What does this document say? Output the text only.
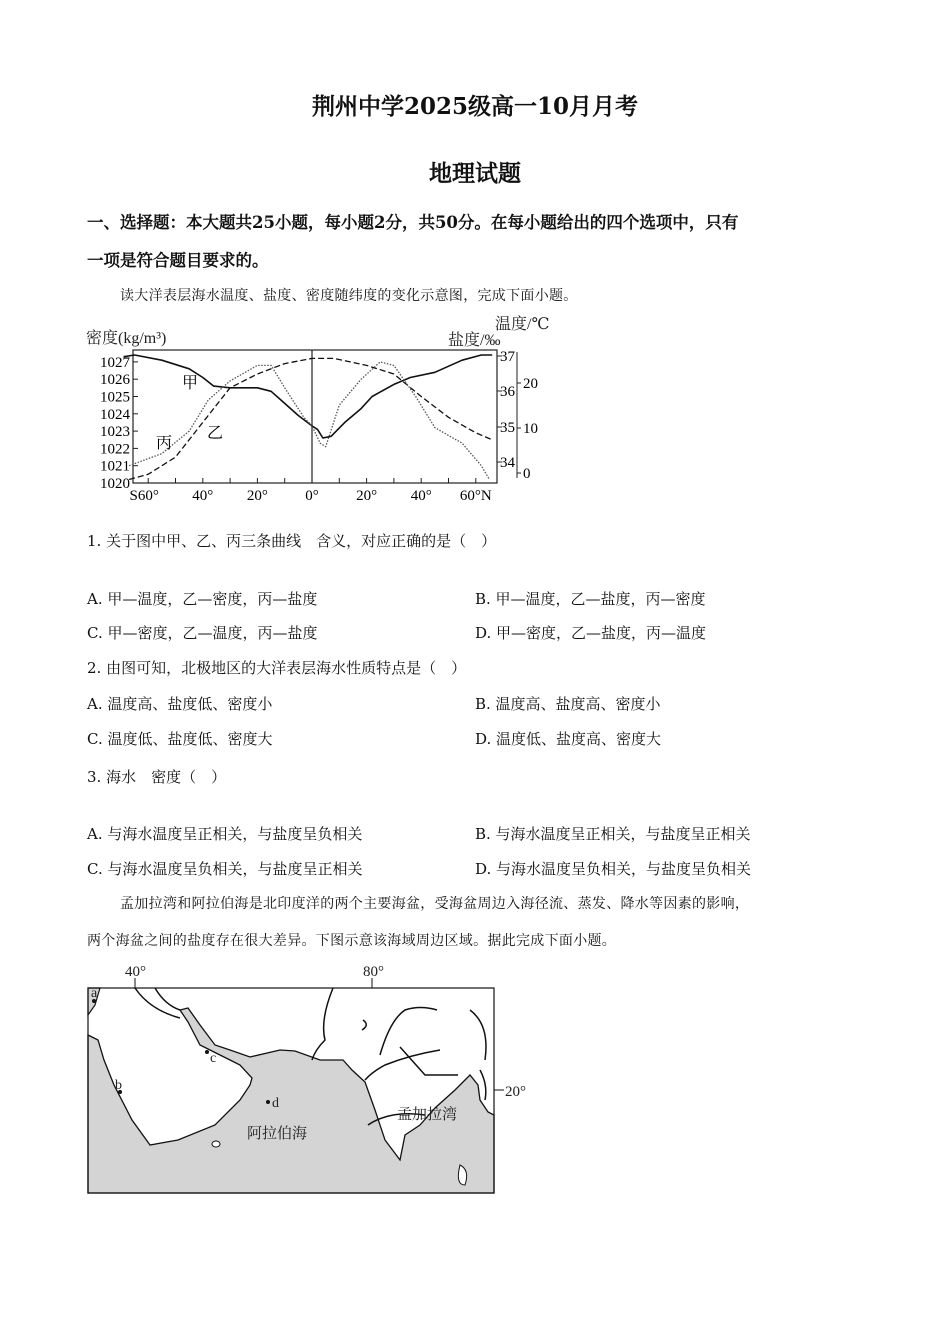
荆州中学2025级高一10月月考
地理试题
一、选择题：本大题共25小题，每小题2分，共50分。在每小题给出的四个选项中，只有
一项是符合题目要求的。
读大洋表层海水温度、盐度、密度随纬度的变化示意图，完成下面小题。
密度(kg/m³)
温度/℃
盐度/‰
1020
1021
1022
1023
1024
1025
1026
1027
S60° 40° 20° 0° 20° 40° 60°N
34
35
36
37
0
10
20
甲
乙
丙
1. 关于图中甲、乙、丙三条曲线　含义，对应正确的是（　）
A. 甲—温度，乙—密度，丙—盐度	B. 甲—温度，乙—盐度，丙—密度
C. 甲—密度，乙—温度，丙—盐度	D. 甲—密度，乙—盐度，丙—温度
2. 由图可知，北极地区的大洋表层海水性质特点是（　）
A. 温度高、盐度低、密度小	B. 温度高、盐度高、密度小
C. 温度低、盐度低、密度大	D. 温度低、盐度高、密度大
3. 海水　密度（　）
A. 与海水温度呈正相关，与盐度呈负相关	B. 与海水温度呈正相关，与盐度呈正相关
C. 与海水温度呈负相关，与盐度呈正相关	D. 与海水温度呈负相关，与盐度呈负相关
孟加拉湾和阿拉伯海是北印度洋的两个主要海盆，受海盆周边入海径流、蒸发、降水等因素的影响，
两个海盆之间的盐度存在很大差异。下图示意该海域周边区域。据此完成下面小题。
40°	80°
20°
a
b
c
d
阿拉伯海
孟加拉湾
